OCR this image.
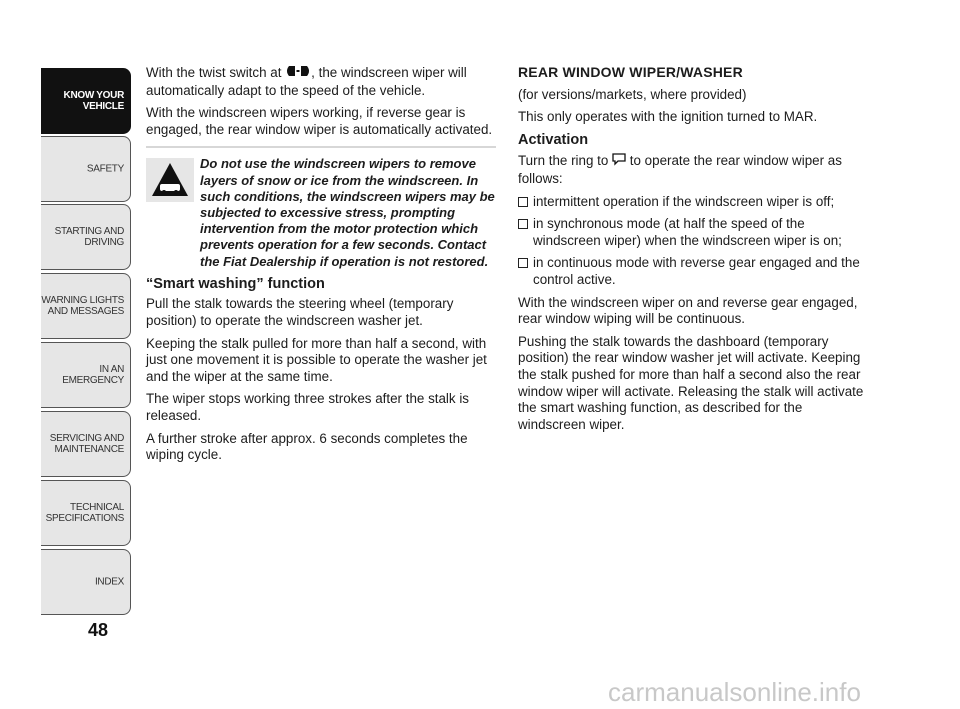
KNOW YOUR VEHICLE
SAFETY
STARTING AND DRIVING
WARNING LIGHTS AND MESSAGES
IN AN EMERGENCY
SERVICING AND MAINTENANCE
TECHNICAL SPECIFICATIONS
INDEX
48

With the twist switch at , the windscreen wiper will automatically adapt to the speed of the vehicle.

With the windscreen wipers working, if reverse gear is engaged, the rear window wiper is automatically activated.

Do not use the windscreen wipers to remove layers of snow or ice from the windscreen. In such conditions, the windscreen wipers may be subjected to excessive stress, prompting intervention from the motor protection which prevents operation for a few seconds. Contact the Fiat Dealership if operation is not restored.

“Smart washing” function

Pull the stalk towards the steering wheel (temporary position) to operate the windscreen washer jet.

Keeping the stalk pulled for more than half a second, with just one movement it is possible to operate the washer jet and the wiper at the same time.

The wiper stops working three strokes after the stalk is released.

A further stroke after approx. 6 seconds completes the wiping cycle.

REAR WINDOW WIPER/WASHER

(for versions/markets, where provided)

This only operates with the ignition turned to MAR.

Activation

Turn the ring to to operate the rear window wiper as follows:

intermittent operation if the windscreen wiper is off;
in synchronous mode (at half the speed of the windscreen wiper) when the windscreen wiper is on;
in continuous mode with reverse gear engaged and the control active.

With the windscreen wiper on and reverse gear engaged, rear window wiping will be continuous.

Pushing the stalk towards the dashboard (temporary position) the rear window washer jet will activate. Keeping the stalk pushed for more than half a second also the rear window wiper will activate. Releasing the stalk will activate the smart washing function, as described for the windscreen wiper.

carmanualsonline.info
